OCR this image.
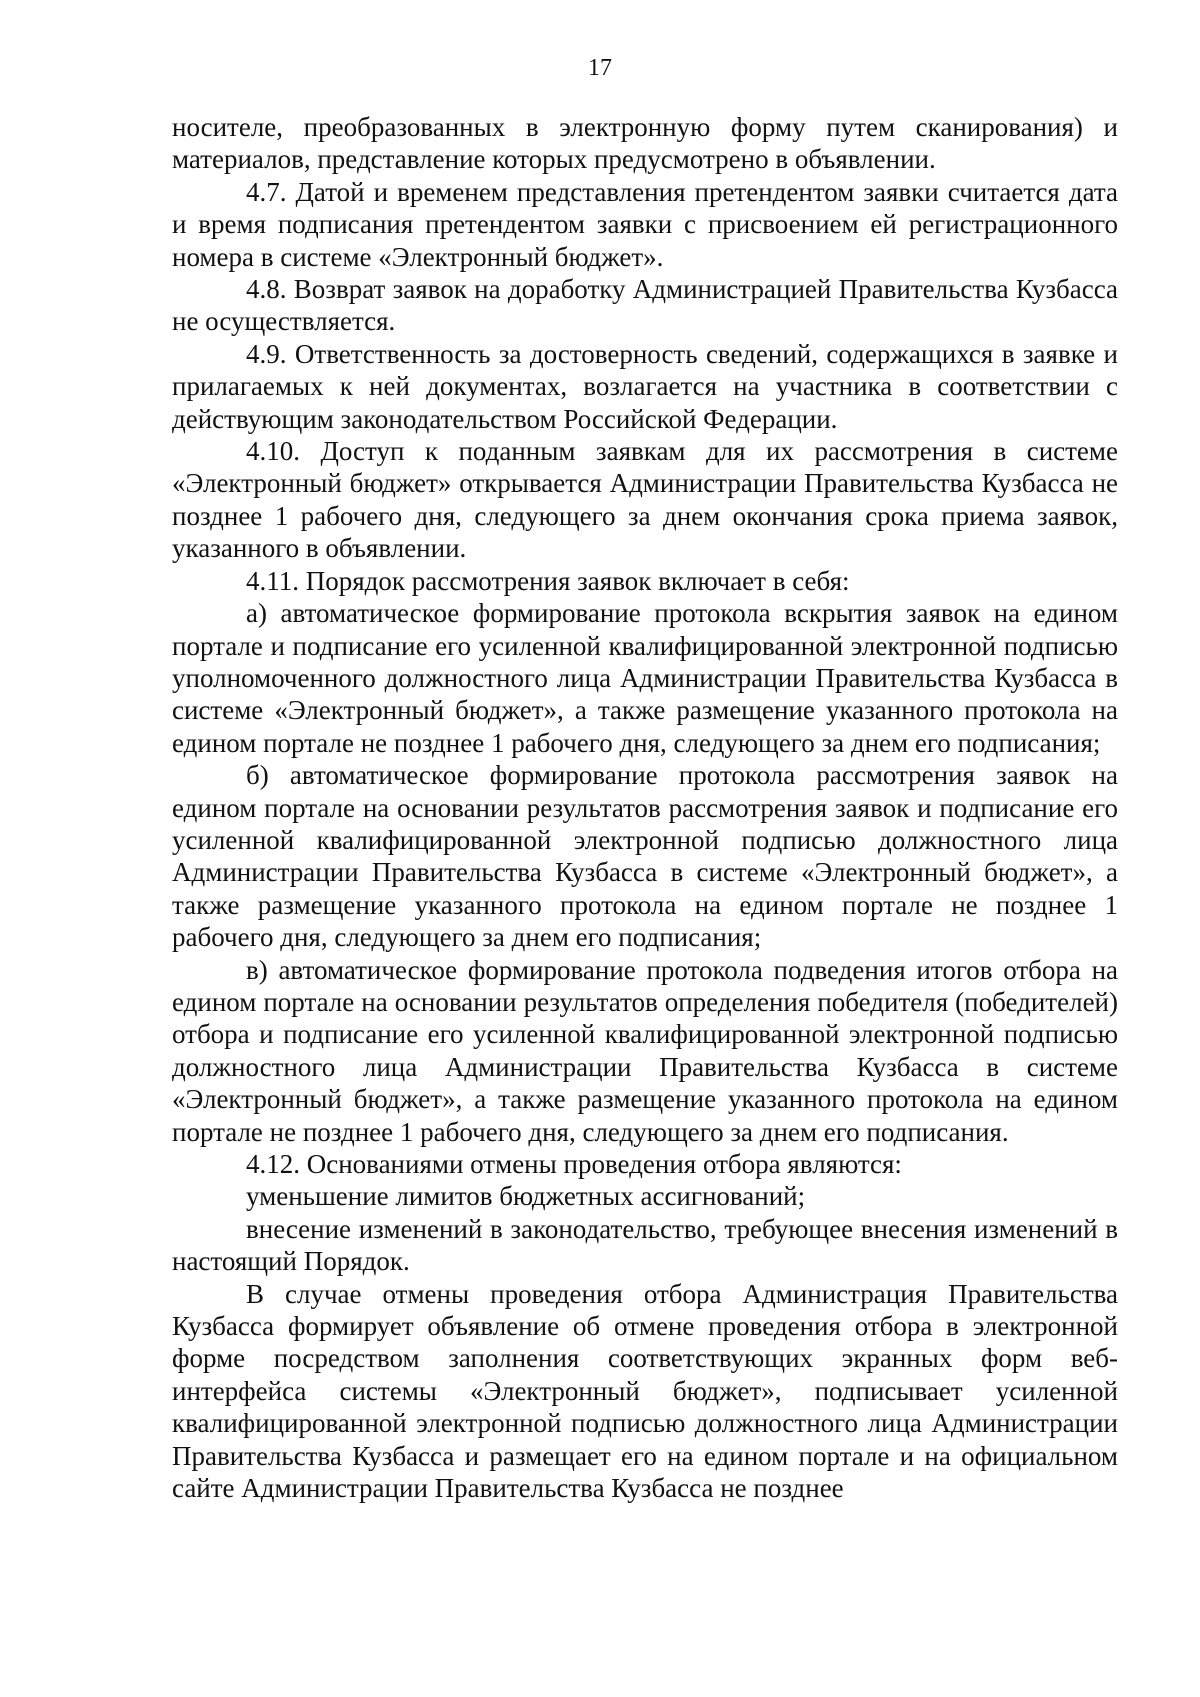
17

носителе, преобразованных в электронную форму путем сканирования) и материалов, представление которых предусмотрено в объявлении.

4.7. Датой и временем представления претендентом заявки считается дата и время подписания претендентом заявки с присвоением ей регистрационного номера в системе «Электронный бюджет».

4.8. Возврат заявок на доработку Администрацией Правительства Кузбасса не осуществляется.

4.9. Ответственность за достоверность сведений, содержащихся в заявке и прилагаемых к ней документах, возлагается на участника в соответствии с действующим законодательством Российской Федерации.

4.10. Доступ к поданным заявкам для их рассмотрения в системе «Электронный бюджет» открывается Администрации Правительства Кузбасса не позднее 1 рабочего дня, следующего за днем окончания срока приема заявок, указанного в объявлении.

4.11. Порядок рассмотрения заявок включает в себя:

а) автоматическое формирование протокола вскрытия заявок на едином портале и подписание его усиленной квалифицированной электронной подписью уполномоченного должностного лица Администрации Правительства Кузбасса в системе «Электронный бюджет», а также размещение указанного протокола на едином портале не позднее 1 рабочего дня, следующего за днем его подписания;

б) автоматическое формирование протокола рассмотрения заявок на едином портале на основании результатов рассмотрения заявок и подписание его усиленной квалифицированной электронной подписью должностного лица Администрации Правительства Кузбасса в системе «Электронный бюджет», а также размещение указанного протокола на едином портале не позднее 1 рабочего дня, следующего за днем его подписания;

в) автоматическое формирование протокола подведения итогов отбора на едином портале на основании результатов определения победителя (победителей) отбора и подписание его усиленной квалифицированной электронной подписью должностного лица Администрации Правительства Кузбасса в системе «Электронный бюджет», а также размещение указанного протокола на едином портале не позднее 1 рабочего дня, следующего за днем его подписания.

4.12. Основаниями отмены проведения отбора являются:

уменьшение лимитов бюджетных ассигнований;

внесение изменений в законодательство, требующее внесения изменений в настоящий Порядок.

В случае отмены проведения отбора Администрация Правительства Кузбасса формирует объявление об отмене проведения отбора в электронной форме посредством заполнения соответствующих экранных форм веб-интерфейса системы «Электронный бюджет», подписывает усиленной квалифицированной электронной подписью должностного лица Администрации Правительства Кузбасса и размещает его на едином портале и на официальном сайте Администрации Правительства Кузбасса не позднее
